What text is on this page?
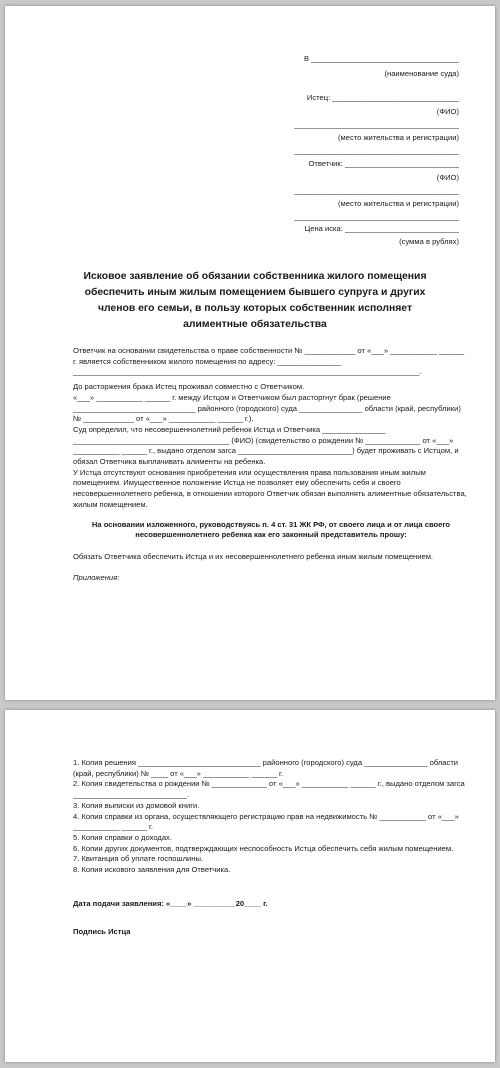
В ___________________________________
(наименование суда)
Истец: ______________________________
(ФИО)
_______________________________________
(место жительства и регистрации)
_______________________________________
Ответчик: ___________________________
(ФИО)
_______________________________________
(место жительства и регистрации)
_______________________________________
Цена иска: ___________________________
(сумма в рублях)
Исковое заявление об обязании собственника жилого помещения обеспечить иным жилым помещением бывшего супруга и других членов его семьи, в пользу которых собственник исполняет алиментные обязательства

Ответчик на основании свидетельства о праве собственности № ____________ от «___» ___________ ______ г. является собственником жилого помещения по адресу: _______________ __________________________________________________________________________________.

До расторжения брака Истец проживал совместно с Ответчиком.

«___» ___________ ______ г. между Истцом и Ответчиком был расторгнут брак (решение _____________________________ районного (городского) суда _______________ области (край, республики) № ____________ от «___» ___________ ______ г.).

Суд определил, что несовершеннолетний ребенок Истца и Ответчика _______________ _____________________________________ (ФИО) (свидетельство о рождении № _____________ от «___» ___________ ______ г., выдано отделом загса ___________________________) будет проживать с Истцом, и обязал Ответчика выплачивать алименты на ребенка.

У Истца отсутствуют основания приобретения или осуществления права пользования иным жилым помещением. Имущественное положение Истца не позволяет ему обеспечить себя и своего несовершеннолетнего ребенка, в отношении которого Ответчик обязан выполнять алиментные обязательства, жилым помещением.

На основании изложенного, руководствуясь п. 4 ст. 31 ЖК РФ, от своего лица и от лица своего несовершеннолетнего ребенка как его законный представитель прошу:

Обязать Ответчика обеспечить Истца и их несовершеннолетнего ребенка иным жилым помещением.

Приложения:

1. Копия решения _____________________________ районного (городского) суда _______________ области (край, республики) № ____ от «___» ___________ ______ г.

2. Копия свидетельства о рождении № _____________ от «___» ___________ ______ г., выдано отделом загса ___________________________.

3. Копия выписки из домовой книги.

4. Копия справки из органа, осуществляющего регистрацию прав на недвижимость № ___________ от «___» ___________ ______ г.

5. Копия справки о доходах.

6. Копии других документов, подтверждающих неспособность Истца обеспечить себя жилым помещением.

7. Квитанция об уплате госпошлины.

8. Копия искового заявления для Ответчика.

Дата подачи заявления: «____» __________20____ г.

Подпись Истца
